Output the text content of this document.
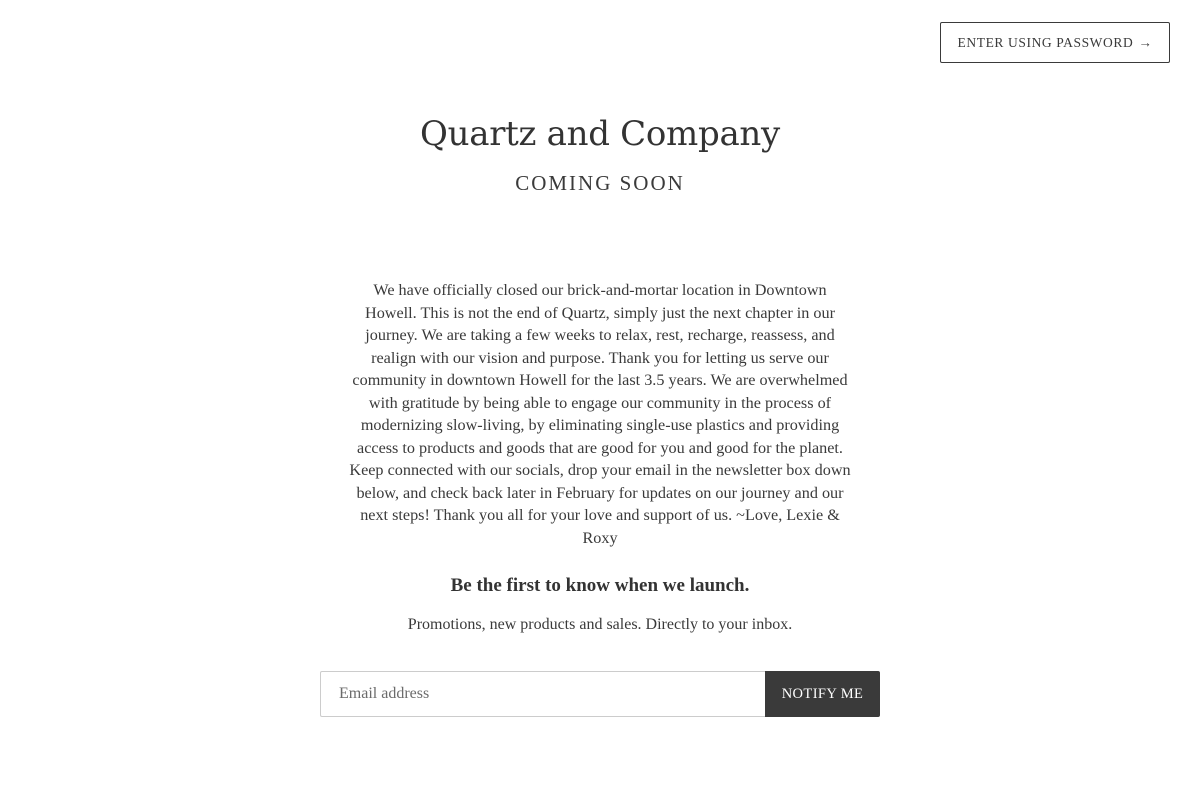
ENTER USING PASSWORD →
Quartz and Company
COMING SOON

We have officially closed our brick-and-mortar location in Downtown Howell. This is not the end of Quartz, simply just the next chapter in our journey. We are taking a few weeks to relax, rest, recharge, reassess, and realign with our vision and purpose. Thank you for letting us serve our community in downtown Howell for the last 3.5 years. We are overwhelmed with gratitude by being able to engage our community in the process of modernizing slow-living, by eliminating single-use plastics and providing access to products and goods that are good for you and good for the planet. Keep connected with our socials, drop your email in the newsletter box down below, and check back later in February for updates on our journey and our next steps! Thank you all for your love and support of us. ~Love, Lexie & Roxy

Be the first to know when we launch.

Promotions, new products and sales. Directly to your inbox.

Email address
NOTIFY ME
